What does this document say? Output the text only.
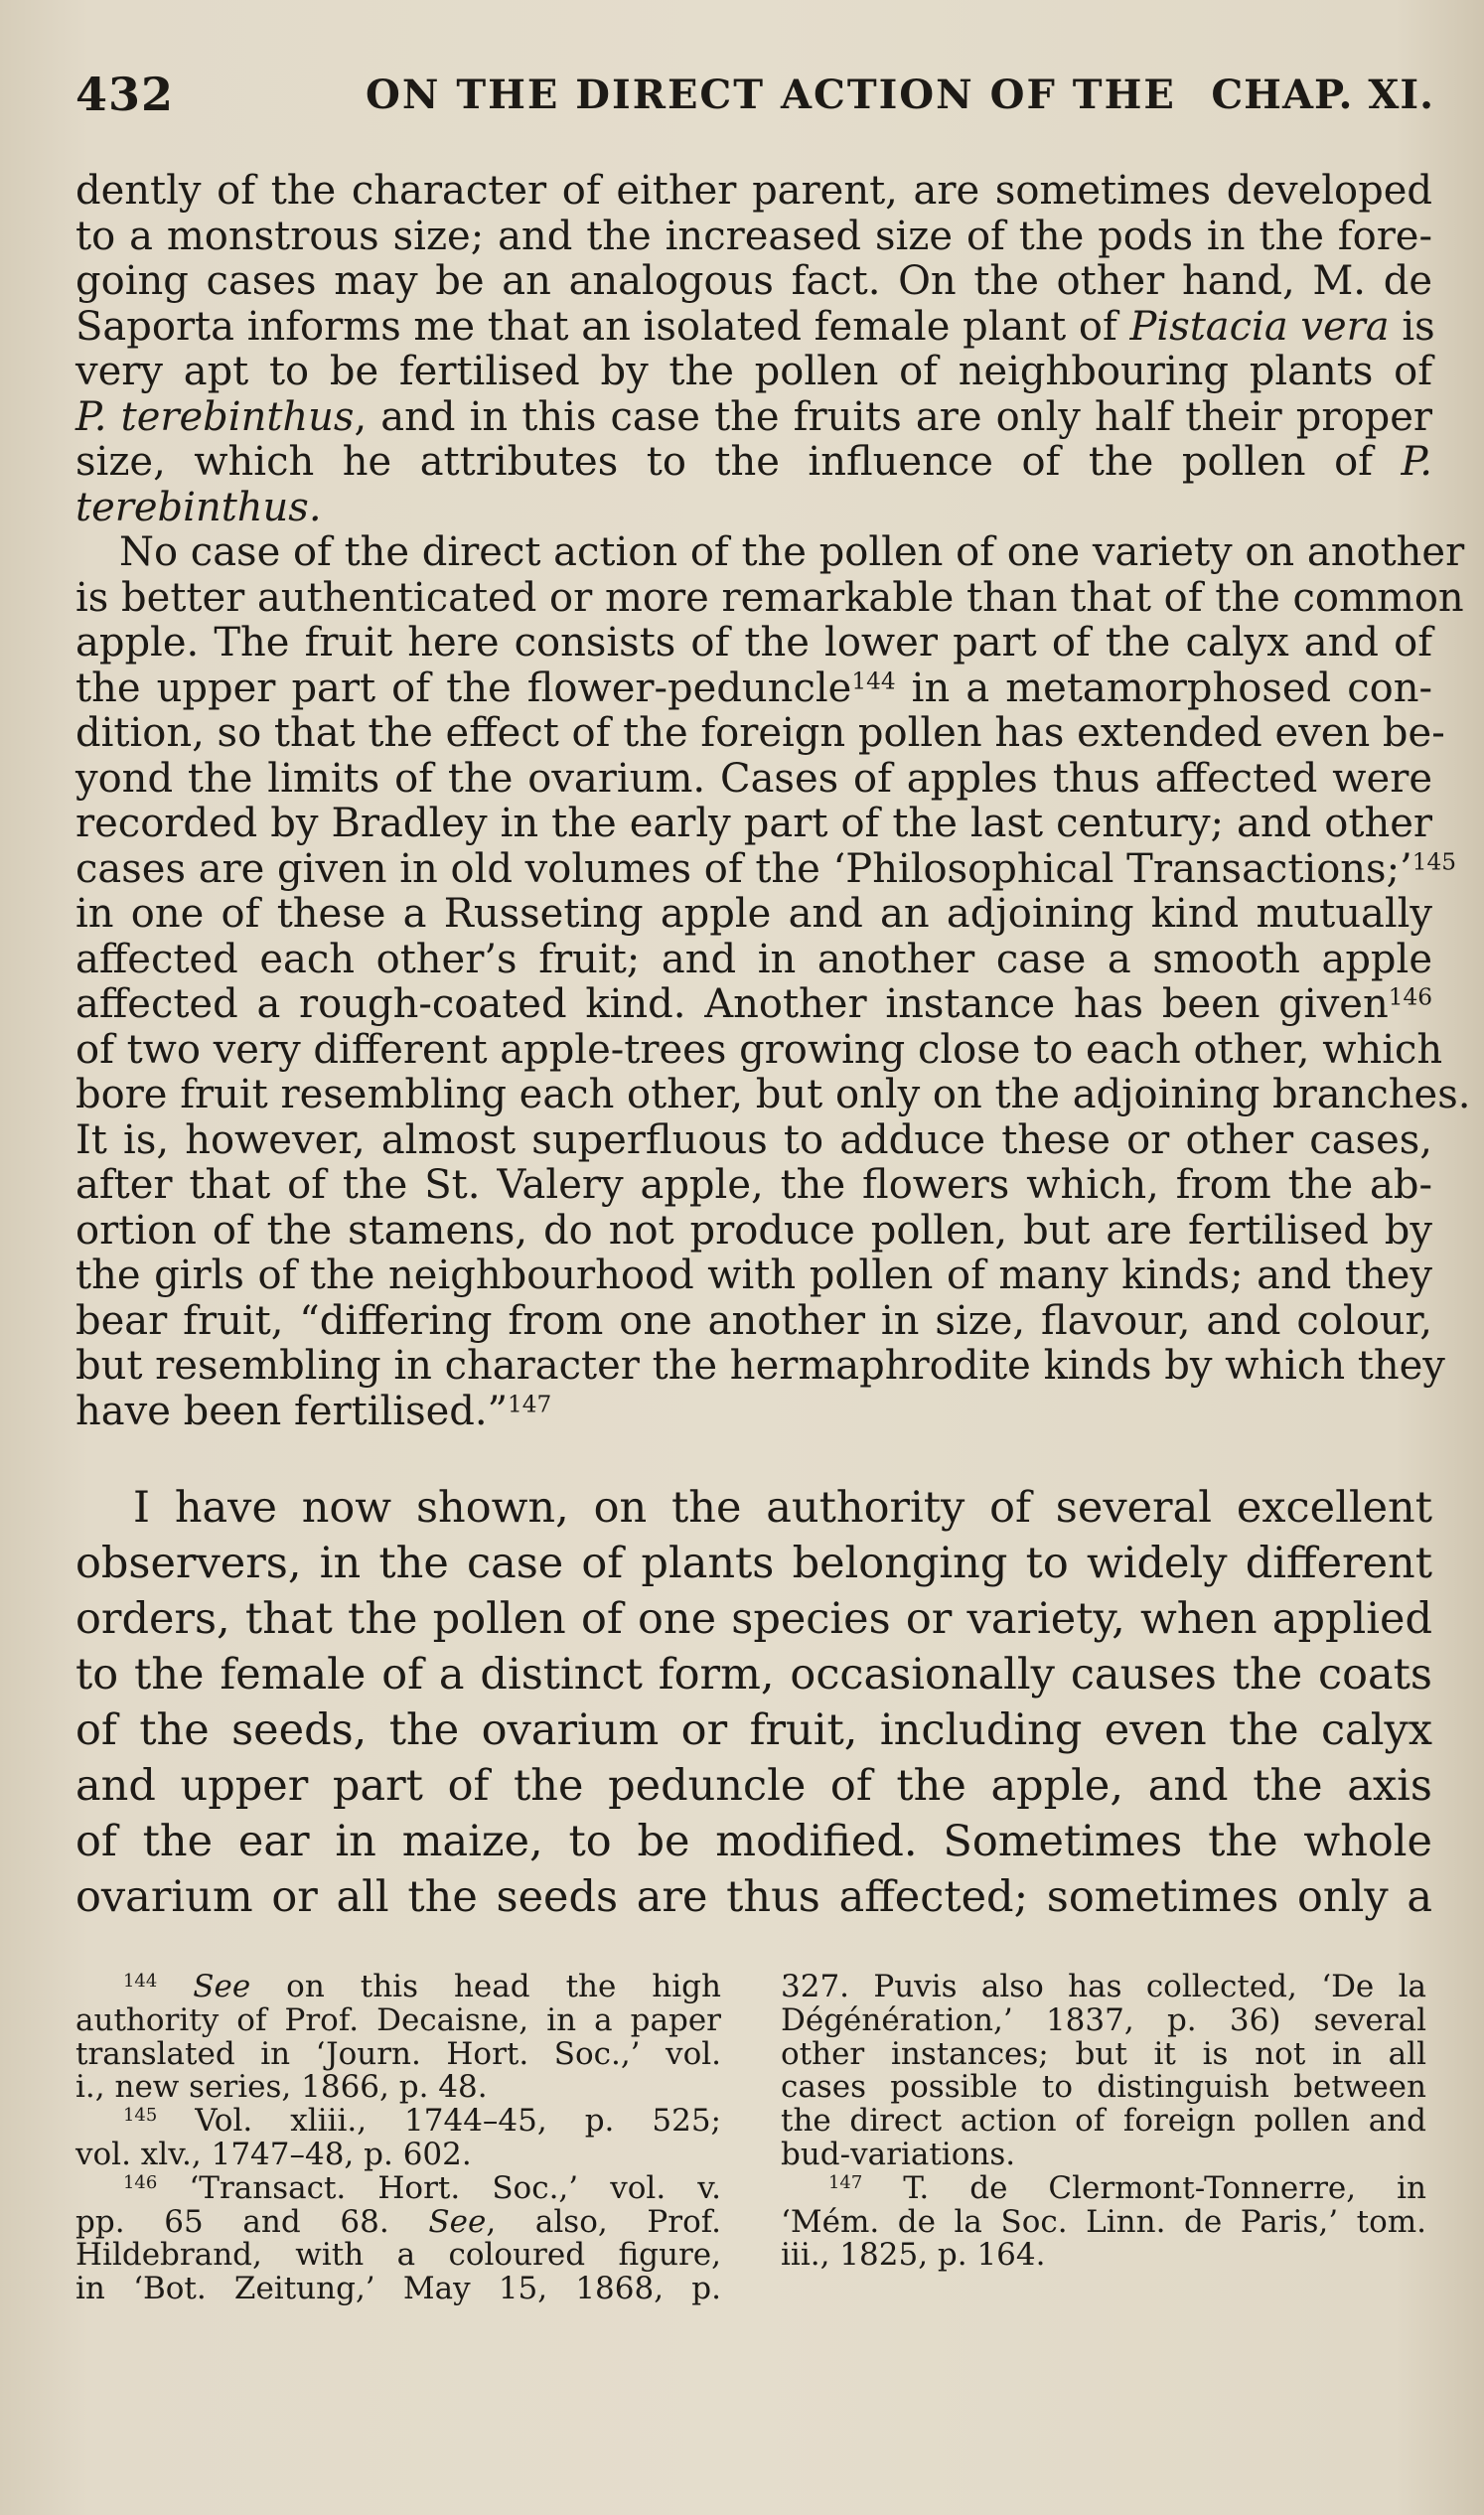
432	ON THE DIRECT ACTION OF THE CHAP. XI.
dently of the character of either parent, are sometimes developed
to a monstrous size; and the increased size of the pods in the fore-
going cases may be an analogous fact. On the other hand, M. de
Saporta informs me that an isolated female plant of Pistacia vera is
very apt to be fertilised by the pollen of neighbouring plants of
P. terebinthus, and in this case the fruits are only half their proper
size, which he attributes to the influence of the pollen of P.
terebinthus.
No case of the direct action of the pollen of one variety on another
is better authenticated or more remarkable than that of the common
apple. The fruit here consists of the lower part of the calyx and of
the upper part of the flower-peduncle$^{144}$ in a metamorphosed con-
dition, so that the effect of the foreign pollen has extended even be-
yond the limits of the ovarium. Cases of apples thus affected were
recorded by Bradley in the early part of the last century; and other
cases are given in old volumes of the ‘Philosophical Transactions;’$^{145}$
in one of these a Russeting apple and an adjoining kind mutually
affected each other’s fruit; and in another case a smooth apple
affected a rough-coated kind. Another instance has been given$^{146}$
of two very different apple-trees growing close to each other, which
bore fruit resembling each other, but only on the adjoining branches.
It is, however, almost superfluous to adduce these or other cases,
after that of the St. Valery apple, the flowers which, from the ab-
ortion of the stamens, do not produce pollen, but are fertilised by
the girls of the neighbourhood with pollen of many kinds; and they
bear fruit, “differing from one another in size, flavour, and colour,
but resembling in character the hermaphrodite kinds by which they
have been fertilised.”$^{147}$
I have now shown, on the authority of several excellent
observers, in the case of plants belonging to widely different
orders, that the pollen of one species or variety, when applied
to the female of a distinct form, occasionally causes the coats
of the seeds, the ovarium or fruit, including even the calyx
and upper part of the peduncle of the apple, and the axis
of the ear in maize, to be modified. Sometimes the whole
ovarium or all the seeds are thus affected; sometimes only a
$^{144}$ See on this head the high
authority of Prof. Decaisne, in a paper
translated in ‘Journ. Hort. Soc.,’ vol.
i., new series, 1866, p. 48.
$^{145}$ Vol. xliii., 1744–45, p. 525;
vol. xlv., 1747–48, p. 602.
$^{146}$ ‘Transact. Hort. Soc.,’ vol. v.
pp. 65 and 68. See, also, Prof.
Hildebrand, with a coloured figure,
in ‘Bot. Zeitung,’ May 15, 1868, p.
327. Puvis also has collected, ‘De la
Dégénération,’ 1837, p. 36) several
other instances; but it is not in all
cases possible to distinguish between
the direct action of foreign pollen and
bud-variations.
$^{147}$ T. de Clermont-Tonnerre, in
‘Mém. de la Soc. Linn. de Paris,’ tom.
iii., 1825, p. 164.
